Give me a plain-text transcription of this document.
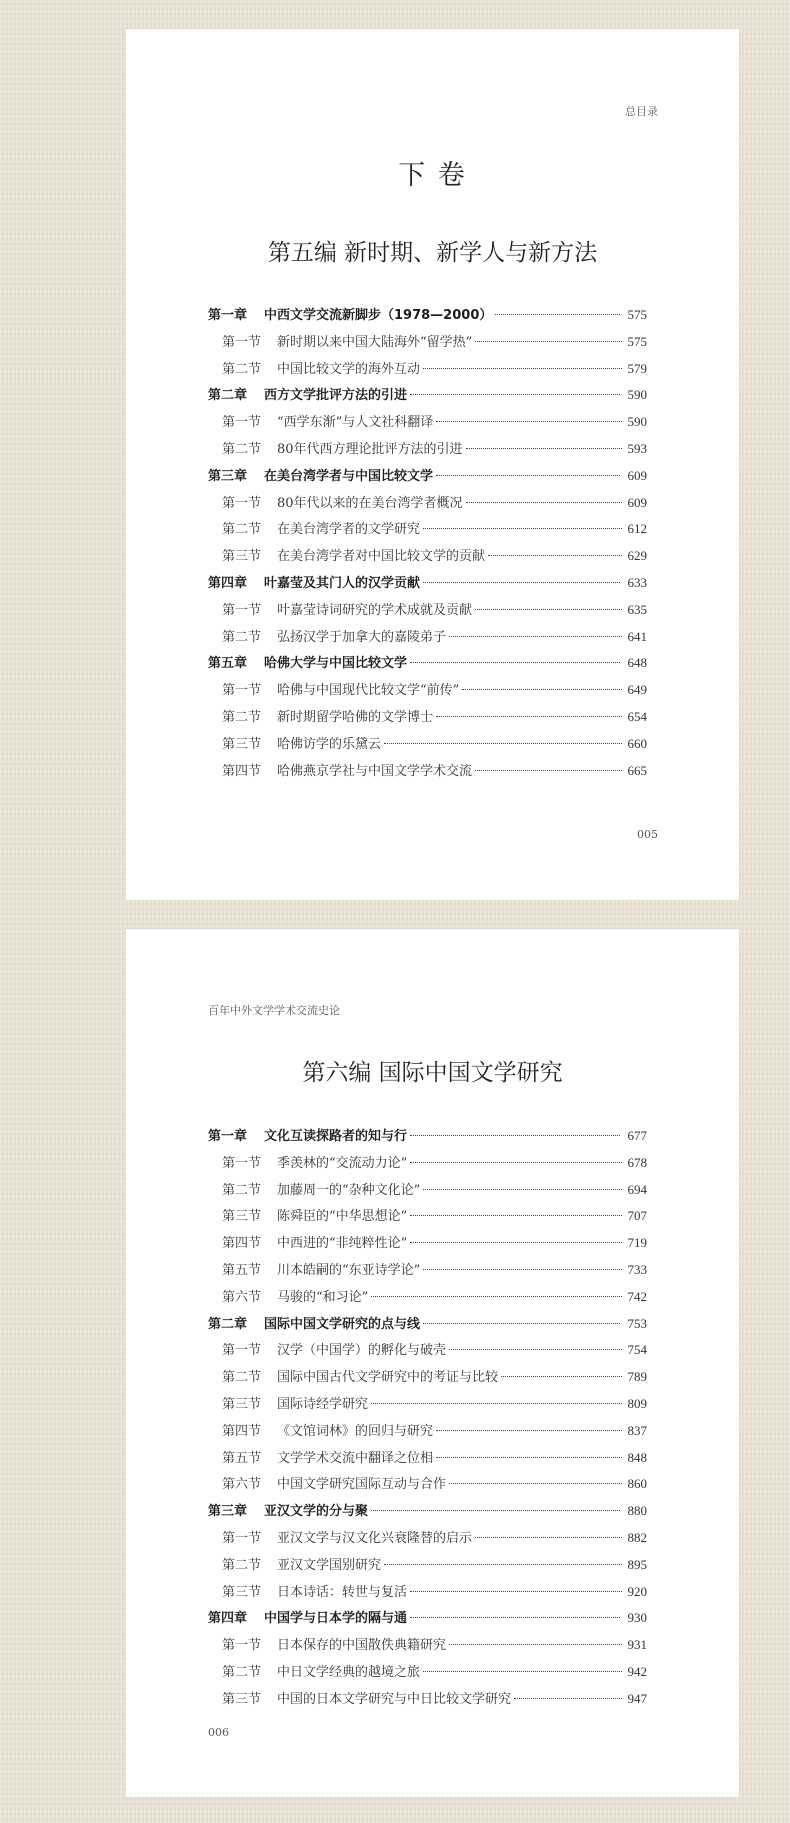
总目录
下 卷
第五编 新时期、新学人与新方法
第一章	中西文学交流新脚步（1978—2000）	575
第一节	新时期以来中国大陆海外“留学热”	575
第二节	中国比较文学的海外互动	579
第二章	西方文学批评方法的引进	590
第一节	“西学东渐”与人文社科翻译	590
第二节	80年代西方理论批评方法的引进	593
第三章	在美台湾学者与中国比较文学	609
第一节	80年代以来的在美台湾学者概况	609
第二节	在美台湾学者的文学研究	612
第三节	在美台湾学者对中国比较文学的贡献	629
第四章	叶嘉莹及其门人的汉学贡献	633
第一节	叶嘉莹诗词研究的学术成就及贡献	635
第二节	弘扬汉学于加拿大的嘉陵弟子	641
第五章	哈佛大学与中国比较文学	648
第一节	哈佛与中国现代比较文学“前传”	649
第二节	新时期留学哈佛的文学博士	654
第三节	哈佛访学的乐黛云	660
第四节	哈佛燕京学社与中国文学学术交流	665
005
百年中外文学学术交流史论
第六编 国际中国文学研究
第一章	文化互读探路者的知与行	677
第一节	季羡林的“交流动力论”	678
第二节	加藤周一的“杂种文化论”	694
第三节	陈舜臣的“中华思想论”	707
第四节	中西进的“非纯粹性论”	719
第五节	川本皓嗣的“东亚诗学论”	733
第六节	马骏的“和习论”	742
第二章	国际中国文学研究的点与线	753
第一节	汉学（中国学）的孵化与破壳	754
第二节	国际中国古代文学研究中的考证与比较	789
第三节	国际诗经学研究	809
第四节	《文馆词林》的回归与研究	837
第五节	文学学术交流中翻译之位相	848
第六节	中国文学研究国际互动与合作	860
第三章	亚汉文学的分与聚	880
第一节	亚汉文学与汉文化兴衰隆替的启示	882
第二节	亚汉文学国别研究	895
第三节	日本诗话：转世与复活	920
第四章	中国学与日本学的隔与通	930
第一节	日本保存的中国散佚典籍研究	931
第二节	中日文学经典的越境之旅	942
第三节	中国的日本文学研究与中日比较文学研究	947
006
